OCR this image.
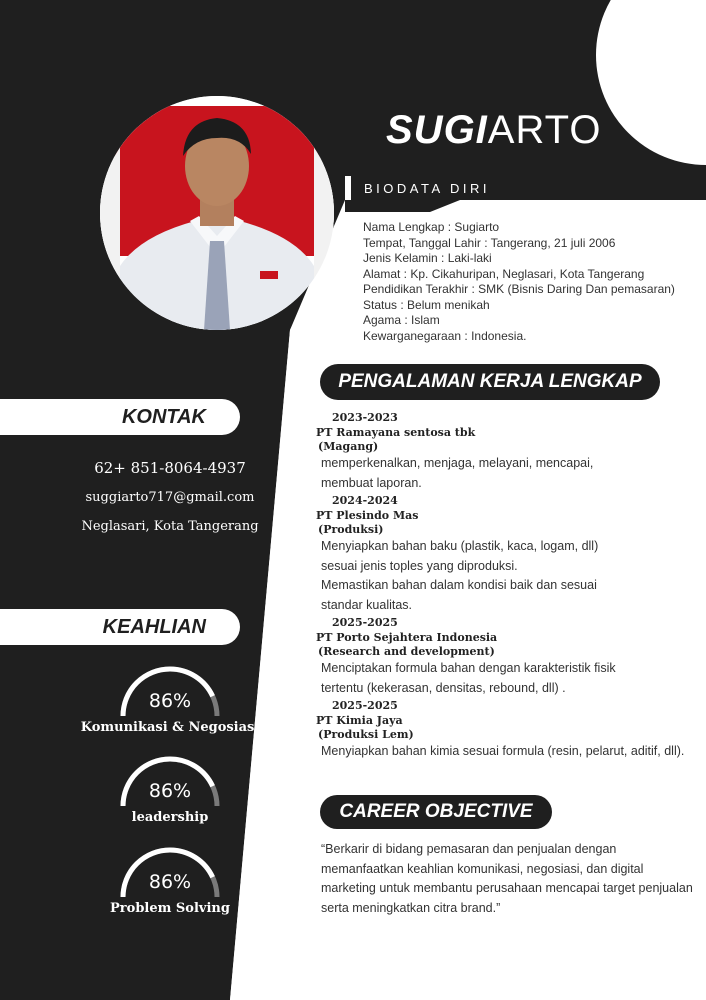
SUGIARTO
BIODATA DIRI
Nama Lengkap : Sugiarto
Tempat, Tanggal Lahir : Tangerang, 21 juli 2006
Jenis Kelamin : Laki-laki
Alamat : Kp. Cikahuripan, Neglasari, Kota Tangerang
Pendidikan Terakhir : SMK (Bisnis Daring Dan pemasaran)
Status : Belum menikah
Agama : Islam
Kewarganegaraan : Indonesia.
PENGALAMAN KERJA LENGKAP
2023-2023
PT Ramayana sentosa tbk
(Magang)
memperkenalkan, menjaga, melayani, mencapai,
membuat laporan.
2024-2024
PT Plesindo Mas
(Produksi)
Menyiapkan bahan baku (plastik, kaca, logam, dll)
sesuai jenis toples yang diproduksi.
Memastikan bahan dalam kondisi baik dan sesuai
standar kualitas.
2025-2025
PT Porto Sejahtera Indonesia
(Research and development)
Menciptakan formula bahan dengan karakteristik fisik
tertentu (kekerasan, densitas, rebound, dll) .
2025-2025
PT Kimia Jaya
(Produksi Lem)
Menyiapkan bahan kimia sesuai formula (resin, pelarut, aditif, dll).
CAREER OBJECTIVE
“Berkarir di bidang pemasaran dan penjualan dengan
memanfaatkan keahlian komunikasi, negosiasi, dan digital
marketing untuk membantu perusahaan mencapai target penjualan
serta meningkatkan citra brand.”
KONTAK
62+ 851-8064-4937
suggiarto717@gmail.com
Neglasari, Kota Tangerang
KEAHLIAN
86%
Komunikasi & Negosiasi
86%
leadership
86%
Problem Solving
